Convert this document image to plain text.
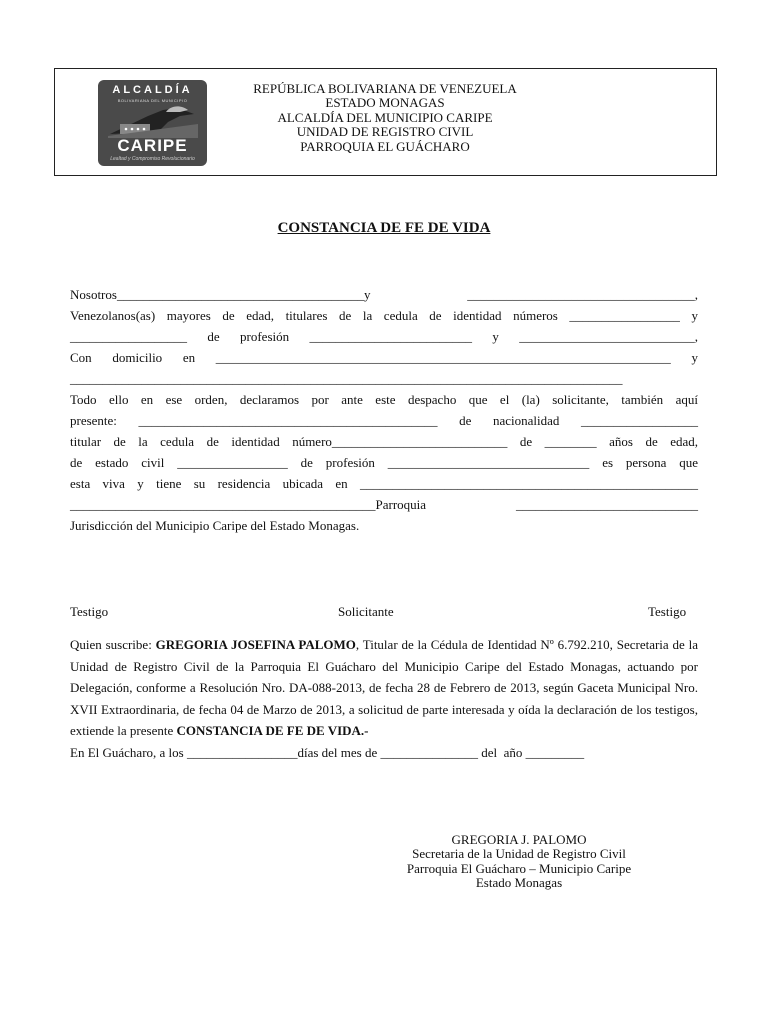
ALCALDÍA
BOLIVARIANA DEL MUNICIPIO
CARIPE
Lealtad y Compromiso Revolucionario
REPÚBLICA BOLIVARIANA DE VENEZUELA
ESTADO MONAGAS
ALCALDÍA DEL MUNICIPIO CARIPE
UNIDAD DE REGISTRO CIVIL
PARROQUIA EL GUÁCHARO
CONSTANCIA DE FE DE VIDA
Nosotros______________________________________y ___________________________________,
Venezolanos(as) mayores de edad, titulares de la cedula de identidad números _________________ y
__________________ de profesión _________________________ y ___________________________,
Con domicilio en ______________________________________________________________________ y
_____________________________________________________________________________________
Todo ello en ese orden, declaramos por ante este despacho que el (la) solicitante, también aquí
presente: ______________________________________________ de nacionalidad __________________
titular de la cedula de identidad número___________________________ de ________ años de edad,
de estado civil _________________ de profesión _______________________________ es persona que
esta viva y tiene su residencia ubicada en ____________________________________________________
_______________________________________________Parroquia ____________________________
Jurisdicción del Municipio Caripe del Estado Monagas.
Testigo	Solicitante	Testigo
Quien suscribe: GREGORIA JOSEFINA PALOMO, Titular de la Cédula de Identidad Nº 6.792.210, Secretaria de la Unidad de Registro Civil de la Parroquia El Guácharo del Municipio Caripe del Estado Monagas, actuando por Delegación, conforme a Resolución Nro. DA-088-2013, de fecha 28 de Febrero de 2013, según Gaceta Municipal Nro. XVII Extraordinaria, de fecha 04 de Marzo de 2013, a solicitud de parte interesada y oída la declaración de los testigos, extiende la presente CONSTANCIA DE FE DE VIDA.-
En El Guácharo, a los _________________días del mes de _______________ del  año _________
GREGORIA J. PALOMO
Secretaria de la Unidad de Registro Civil
Parroquia El Guácharo – Municipio Caripe
Estado Monagas
